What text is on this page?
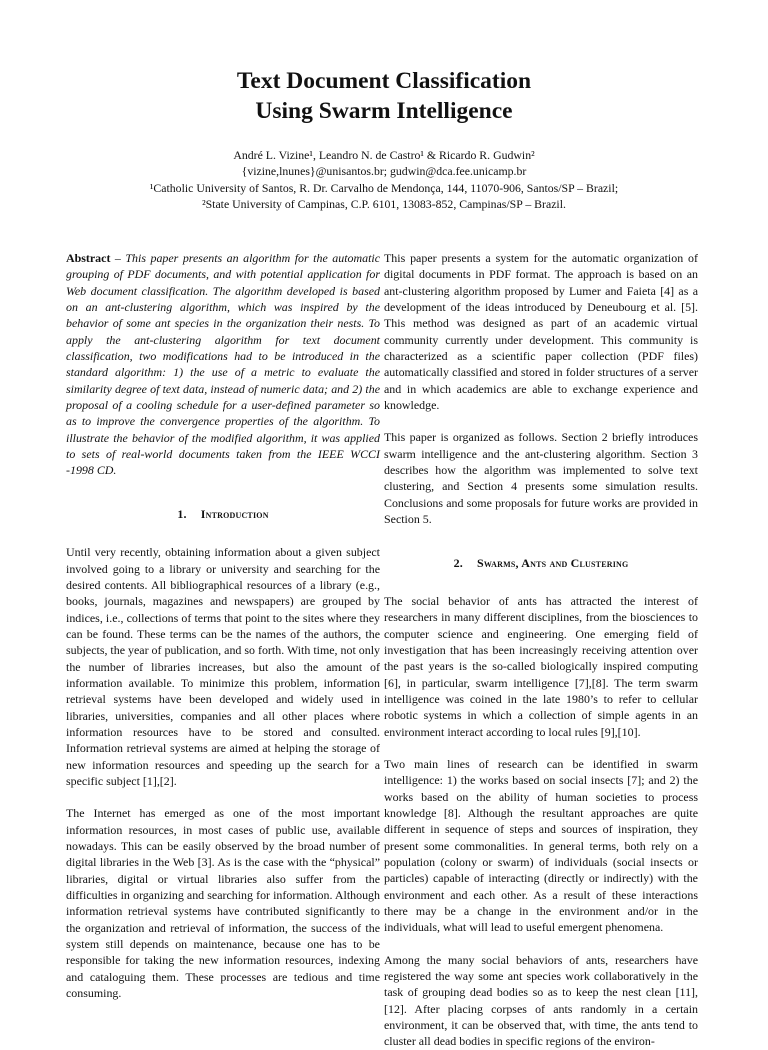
Text Document Classification
Using Swarm Intelligence
André L. Vizine¹, Leandro N. de Castro¹ & Ricardo R. Gudwin²
{vizine,lnunes}@unisantos.br; gudwin@dca.fee.unicamp.br
¹Catholic University of Santos, R. Dr. Carvalho de Mendonça, 144, 11070-906, Santos/SP – Brazil;
²State University of Campinas, C.P. 6101, 13083-852, Campinas/SP – Brazil.

Abstract – This paper presents an algorithm for the automatic grouping of PDF documents, and with potential application for Web document classification. The algorithm developed is based on an ant-clustering algorithm, which was inspired by the behavior of some ant species in the organization their nests. To apply the ant-clustering algorithm for text document classification, two modifications had to be introduced in the standard algorithm: 1) the use of a metric to evaluate the similarity degree of text data, instead of numeric data; and 2) the proposal of a cooling schedule for a user-defined parameter so as to improve the convergence properties of the algorithm. To illustrate the behavior of the modified algorithm, it was applied to sets of real-world documents taken from the IEEE WCCI -1998 CD.

1. Introduction

Until very recently, obtaining information about a given subject involved going to a library or university and searching for the desired contents. All bibliographical resources of a library (e.g., books, journals, magazines and newspapers) are grouped by indices, i.e., collections of terms that point to the sites where they can be found. These terms can be the names of the authors, the subjects, the year of publication, and so forth. With time, not only the number of libraries increases, but also the amount of information available. To minimize this problem, information retrieval systems have been developed and widely used in libraries, universities, companies and all other places where information resources have to be stored and consulted. Information retrieval systems are aimed at helping the storage of new information resources and speeding up the search for a specific subject [1],[2].

The Internet has emerged as one of the most important information resources, in most cases of public use, available nowadays. This can be easily observed by the broad number of digital libraries in the Web [3]. As is the case with the “physical” libraries, digital or virtual libraries also suffer from the difficulties in organizing and searching for information. Although information retrieval systems have contributed significantly to the organization and retrieval of information, the success of the system still depends on maintenance, because one has to be responsible for taking the new information resources, indexing and cataloguing them. These processes are tedious and time consuming.

This paper presents a system for the automatic organization of digital documents in PDF format. The approach is based on an ant-clustering algorithm proposed by Lumer and Faieta [4] as a development of the ideas introduced by Deneubourg et al. [5]. This method was designed as part of an academic virtual community currently under development. This community is characterized as a scientific paper collection (PDF files) automatically classified and stored in folder structures of a server and in which academics are able to exchange experience and knowledge.

This paper is organized as follows. Section 2 briefly introduces swarm intelligence and the ant-clustering algorithm. Section 3 describes how the algorithm was implemented to solve text clustering, and Section 4 presents some simulation results. Conclusions and some proposals for future works are provided in Section 5.

2. Swarms, Ants and Clustering

The social behavior of ants has attracted the interest of researchers in many different disciplines, from the biosciences to computer science and engineering. One emerging field of investigation that has been increasingly receiving attention over the past years is the so-called biologically inspired computing [6], in particular, swarm intelligence [7],[8]. The term swarm intelligence was coined in the late 1980’s to refer to cellular robotic systems in which a collection of simple agents in an environment interact according to local rules [9],[10].

Two main lines of research can be identified in swarm intelligence: 1) the works based on social insects [7]; and 2) the works based on the ability of human societies to process knowledge [8]. Although the resultant approaches are quite different in sequence of steps and sources of inspiration, they present some commonalities. In general terms, both rely on a population (colony or swarm) of individuals (social insects or particles) capable of interacting (directly or indirectly) with the environment and each other. As a result of these interactions there may be a change in the environment and/or in the individuals, what will lead to useful emergent phenomena.

Among the many social behaviors of ants, researchers have registered the way some ant species work collaboratively in the task of grouping dead bodies so as to keep the nest clean [11],[12]. After placing corpses of ants randomly in a certain environment, it can be observed that, with time, the ants tend to cluster all dead bodies in specific regions of the environ-
